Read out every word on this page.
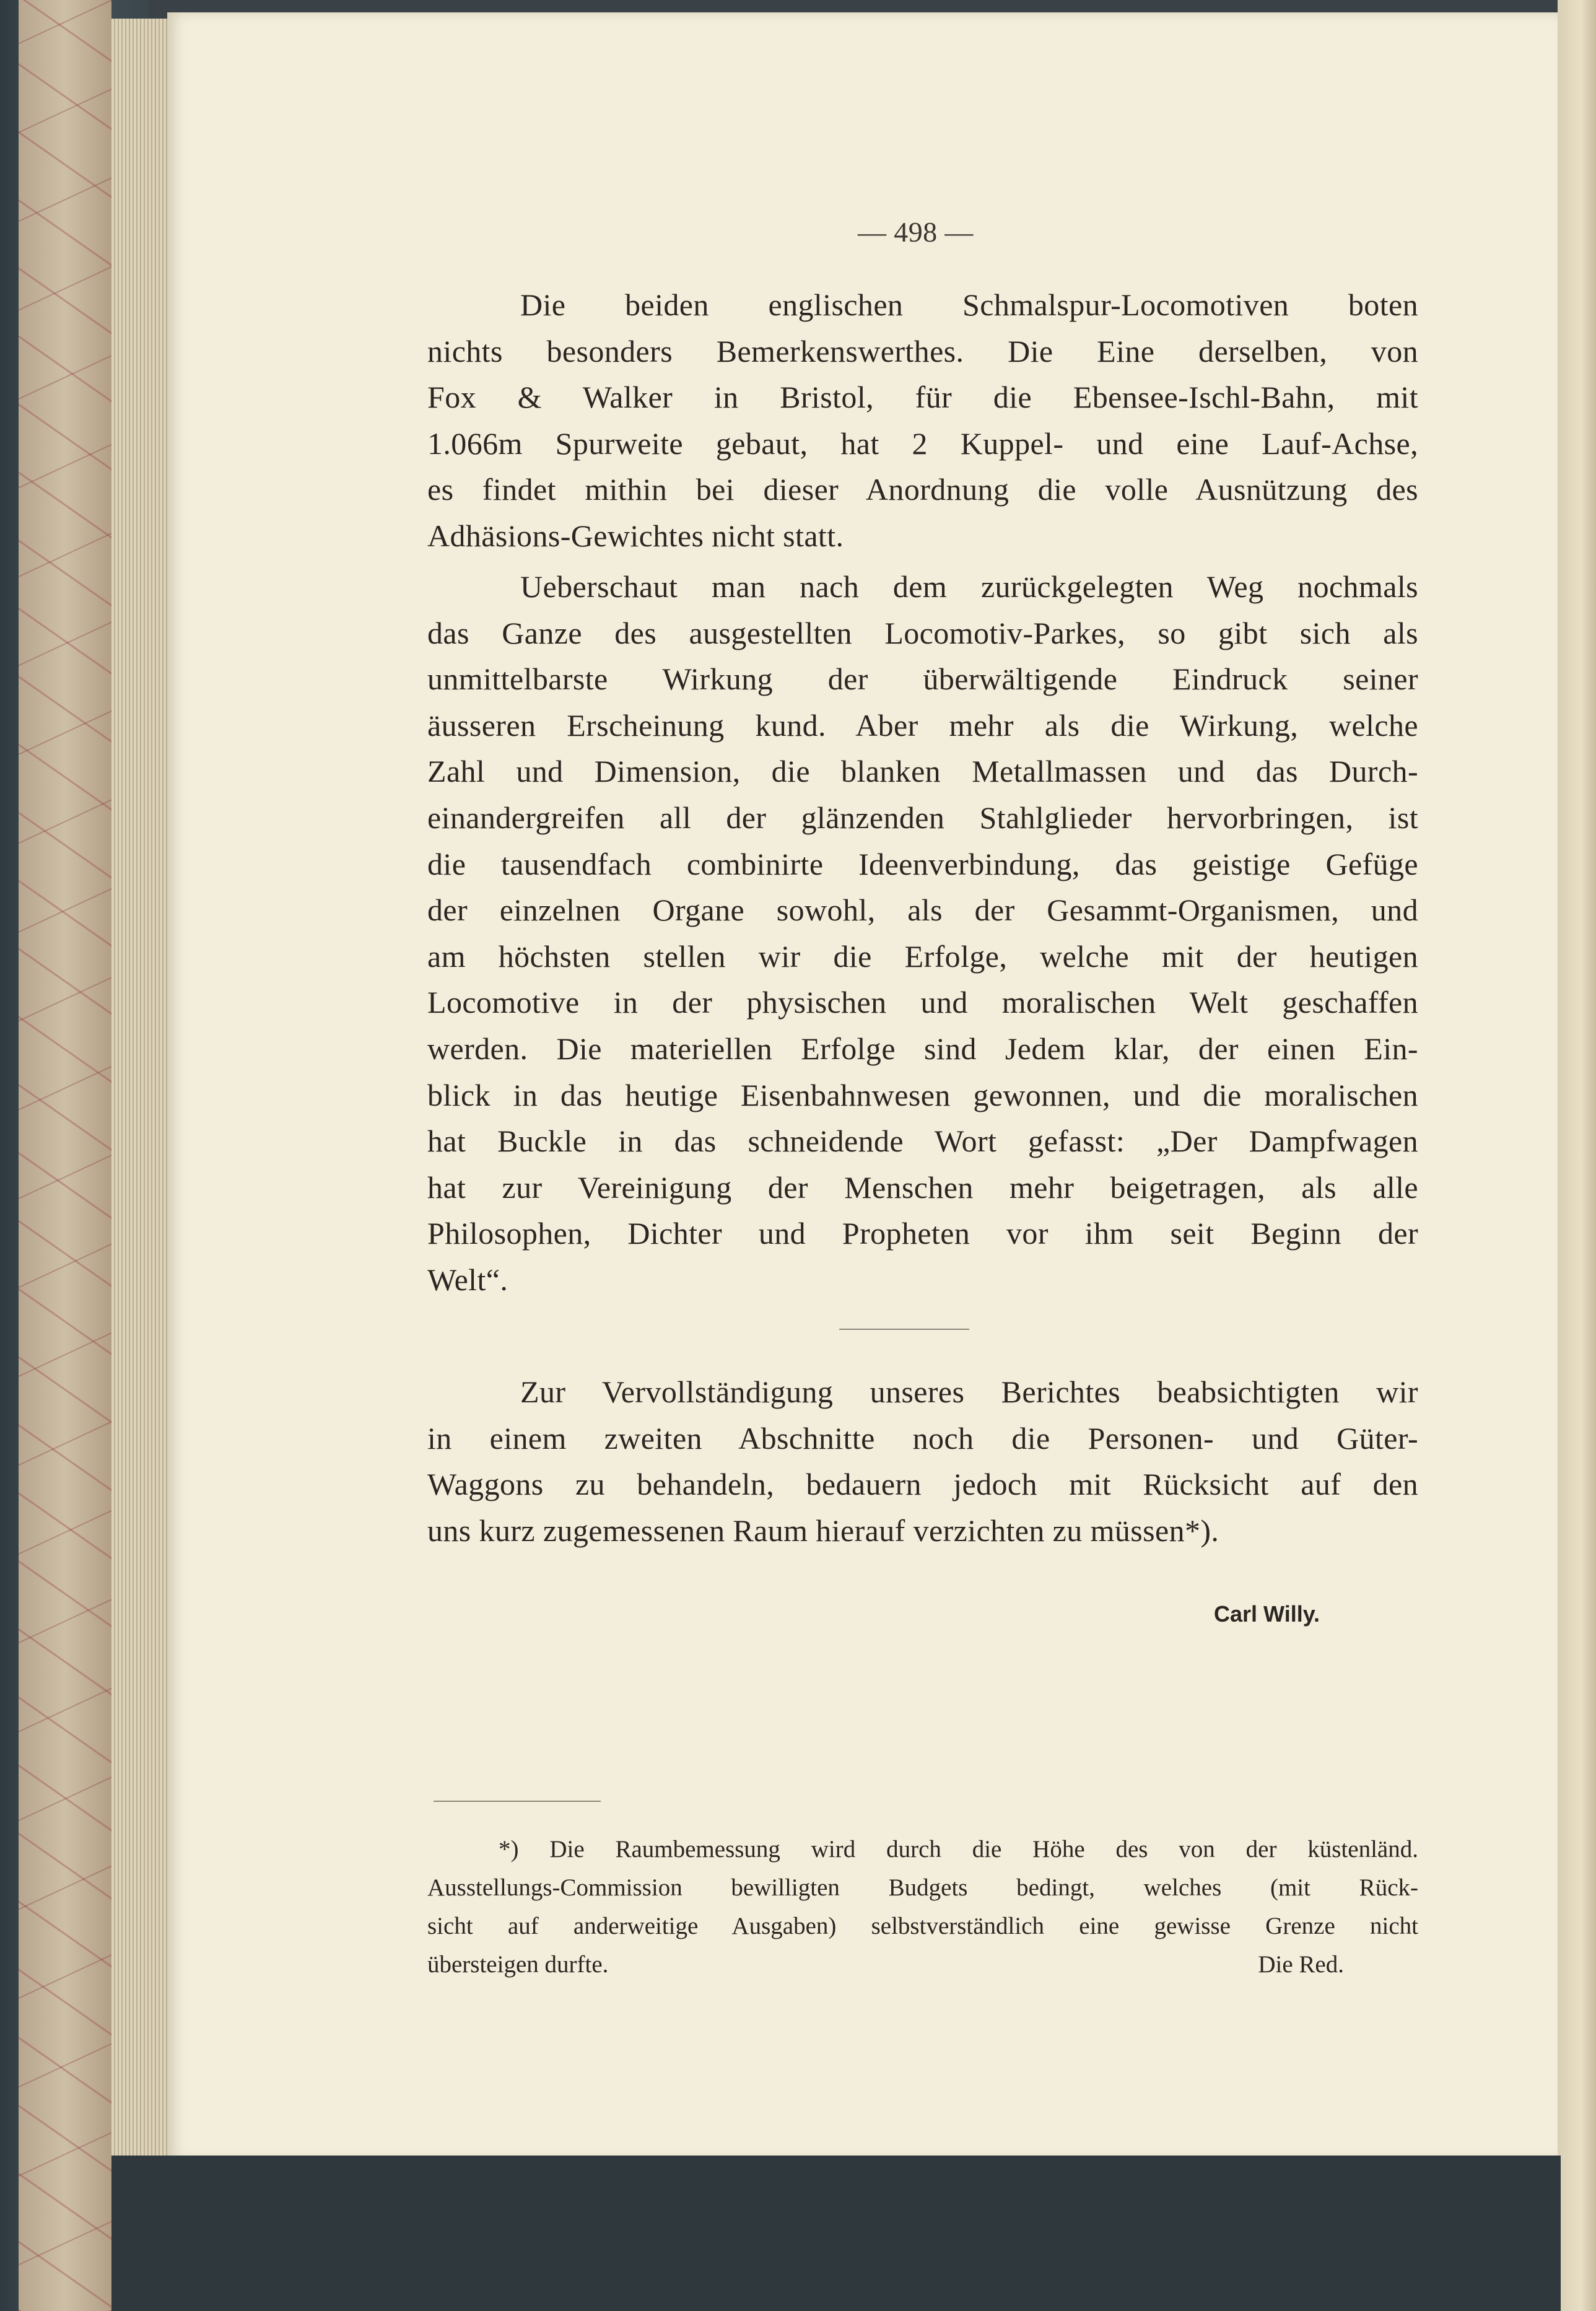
— 498 —
Die beiden englischen Schmalspur-Locomotiven boten
nichts besonders Bemerkenswerthes. Die Eine derselben, von
Fox & Walker in Bristol, für die Ebensee-Ischl-Bahn, mit
1.066m Spurweite gebaut, hat 2 Kuppel- und eine Lauf-Achse,
es findet mithin bei dieser Anordnung die volle Ausnützung des
Adhäsions-Gewichtes nicht statt.
Ueberschaut man nach dem zurückgelegten Weg nochmals
das Ganze des ausgestellten Locomotiv-Parkes, so gibt sich als
unmittelbarste Wirkung der überwältigende Eindruck seiner
äusseren Erscheinung kund. Aber mehr als die Wirkung, welche
Zahl und Dimension, die blanken Metallmassen und das Durch-
einandergreifen all der glänzenden Stahlglieder hervorbringen, ist
die tausendfach combinirte Ideenverbindung, das geistige Gefüge
der einzelnen Organe sowohl, als der Gesammt-Organismen, und
am höchsten stellen wir die Erfolge, welche mit der heutigen
Locomotive in der physischen und moralischen Welt geschaffen
werden. Die materiellen Erfolge sind Jedem klar, der einen Ein-
blick in das heutige Eisenbahnwesen gewonnen, und die moralischen
hat Buckle in das schneidende Wort gefasst: „Der Dampfwagen
hat zur Vereinigung der Menschen mehr beigetragen, als alle
Philosophen, Dichter und Propheten vor ihm seit Beginn der
Welt“.
Zur Vervollständigung unseres Berichtes beabsichtigten wir
in einem zweiten Abschnitte noch die Personen- und Güter-
Waggons zu behandeln, bedauern jedoch mit Rücksicht auf den
uns kurz zugemessenen Raum hierauf verzichten zu müssen*).
Carl Willy.
*) Die Raumbemessung wird durch die Höhe des von der küstenländ.
Ausstellungs-Commission bewilligten Budgets bedingt, welches (mit Rück-
sicht auf anderweitige Ausgaben) selbstverständlich eine gewisse Grenze nicht
übersteigen durfte.	Die Red.
